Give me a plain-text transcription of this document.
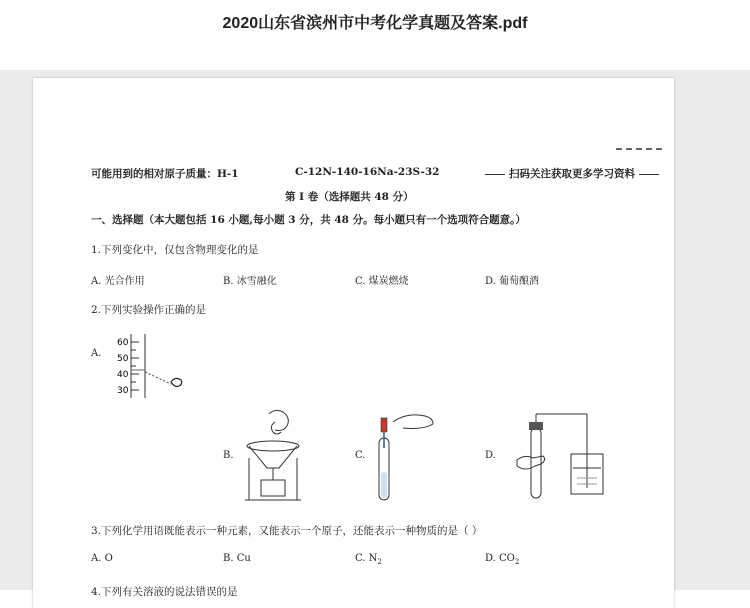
2020山东省滨州市中考化学真题及答案.pdf
可能用到的相对原子质量：H-1	C-12N-140-16Na-23S-32	扫码关注获取更多学习资料
第 I 卷（选择题共 48 分）
一、选择题（本大题包括 16 小题,每小题 3 分，共 48 分。每小题只有一个选项符合题意。）
1.下列变化中，仅包含物理变化的是
A. 光合作用	B. 冰雪融化	C. 煤炭燃烧	D. 葡萄酿酒
2.下列实验操作正确的是
A.
60
50
40
30
B.	C.	D.
3.下列化学用语既能表示一种元素，又能表示一个原子，还能表示一种物质的是（ ）
A. O	B. Cu	C. $N_2$	D. $CO_2$
4.下列有关溶液的说法错误的是
